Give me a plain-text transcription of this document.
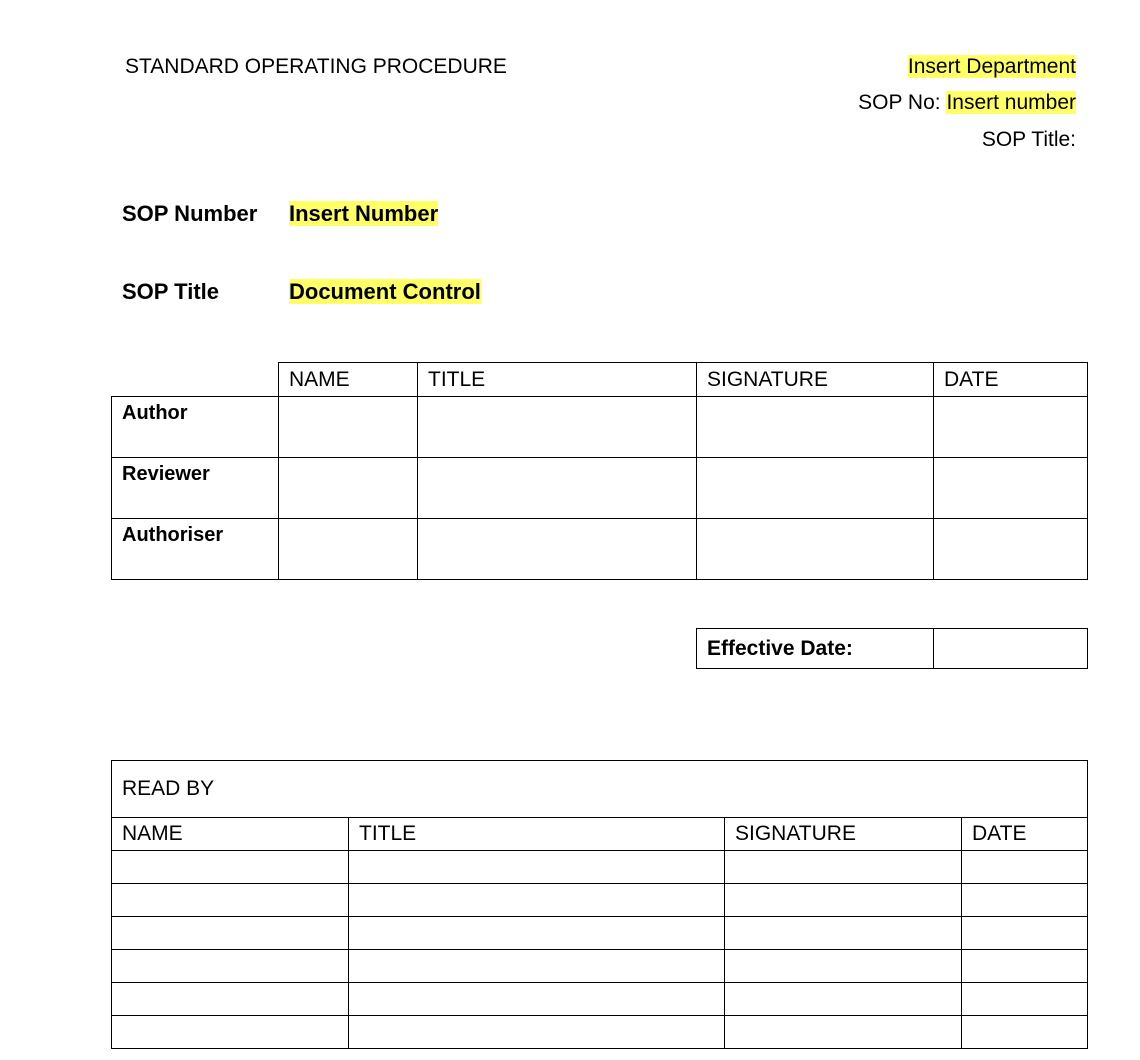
STANDARD OPERATING PROCEDURE	Insert Department
SOP No: Insert number
SOP Title:
SOP Number Insert Number
SOP Title	Document Control
	NAME	TITLE	SIGNATURE	DATE
Author				
Reviewer				
Authoriser				
Effective Date:	
READ BY			
NAME	TITLE	SIGNATURE	DATE
